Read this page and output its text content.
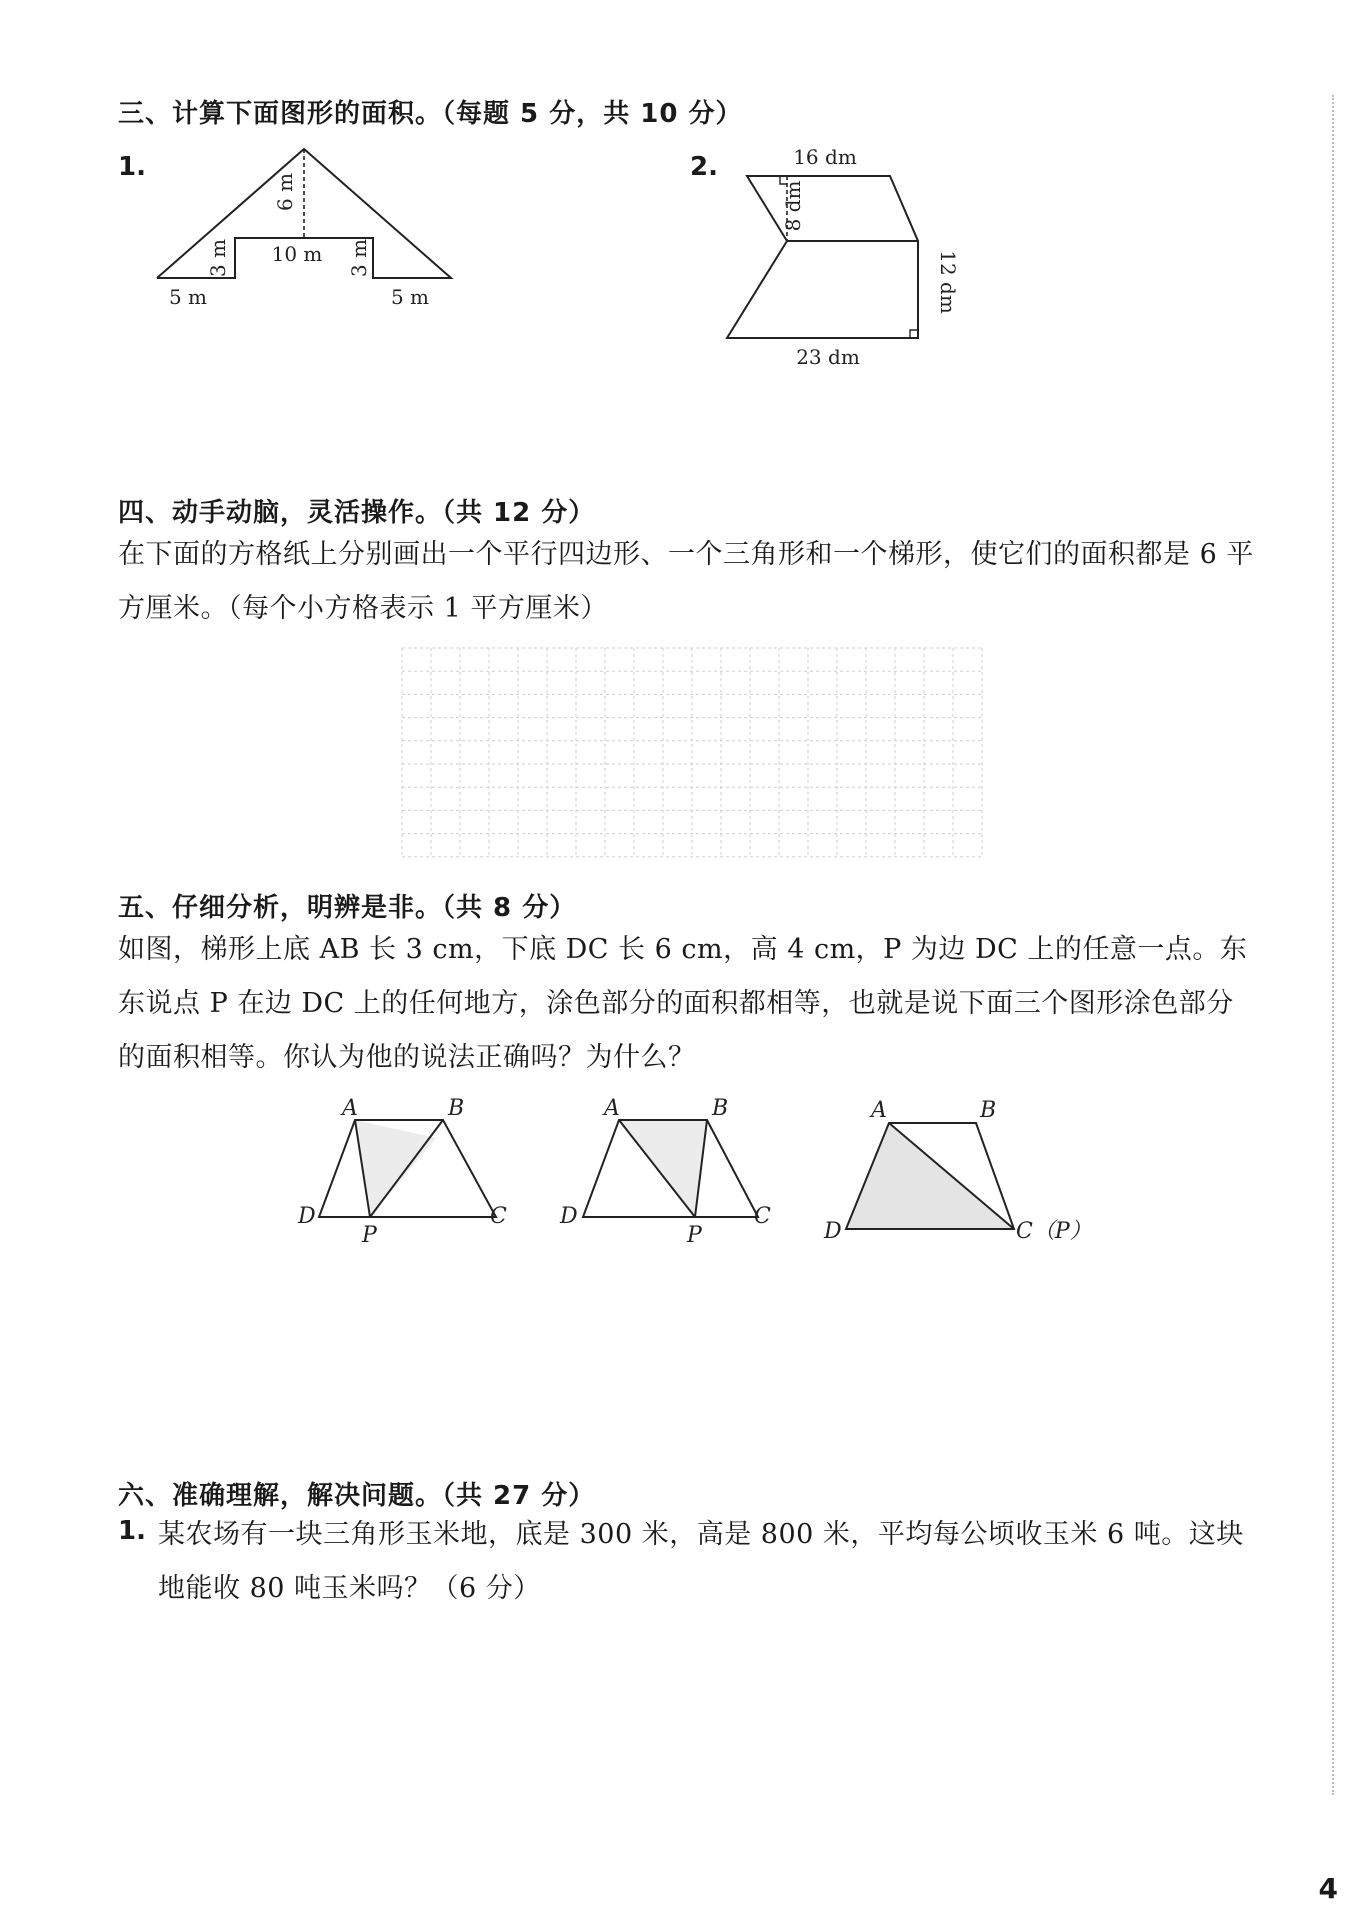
三、计算下面图形的面积。（每题 5 分，共 10 分）
1.
6 m
3 m	3 m
10 m
5 m	5 m
2.	16 dm
8 dm
12 dm
23 dm
四、动手动脑，灵活操作。（共 12 分）
在下面的方格纸上分别画出一个平行四边形、一个三角形和一个梯形，使它们的面积都是 6 平方厘米。（每个小方格表示 1 平方厘米）
五、仔细分析，明辨是非。（共 8 分）
如图，梯形上底 AB 长 3 cm，下底 DC 长 6 cm，高 4 cm，P 为边 DC 上的任意一点。东东说点 P 在边 DC 上的任何地方，涂色部分的面积都相等，也就是说下面三个图形涂色部分的面积相等。你认为他的说法正确吗？为什么？
A	B
D	C
P
A	B
D	C
P
A	B
D	C（P）
六、准确理解，解决问题。（共 27 分）
1. 某农场有一块三角形玉米地，底是 300 米，高是 800 米，平均每公顷收玉米 6 吨。这块地能收 80 吨玉米吗？（6 分）
4
